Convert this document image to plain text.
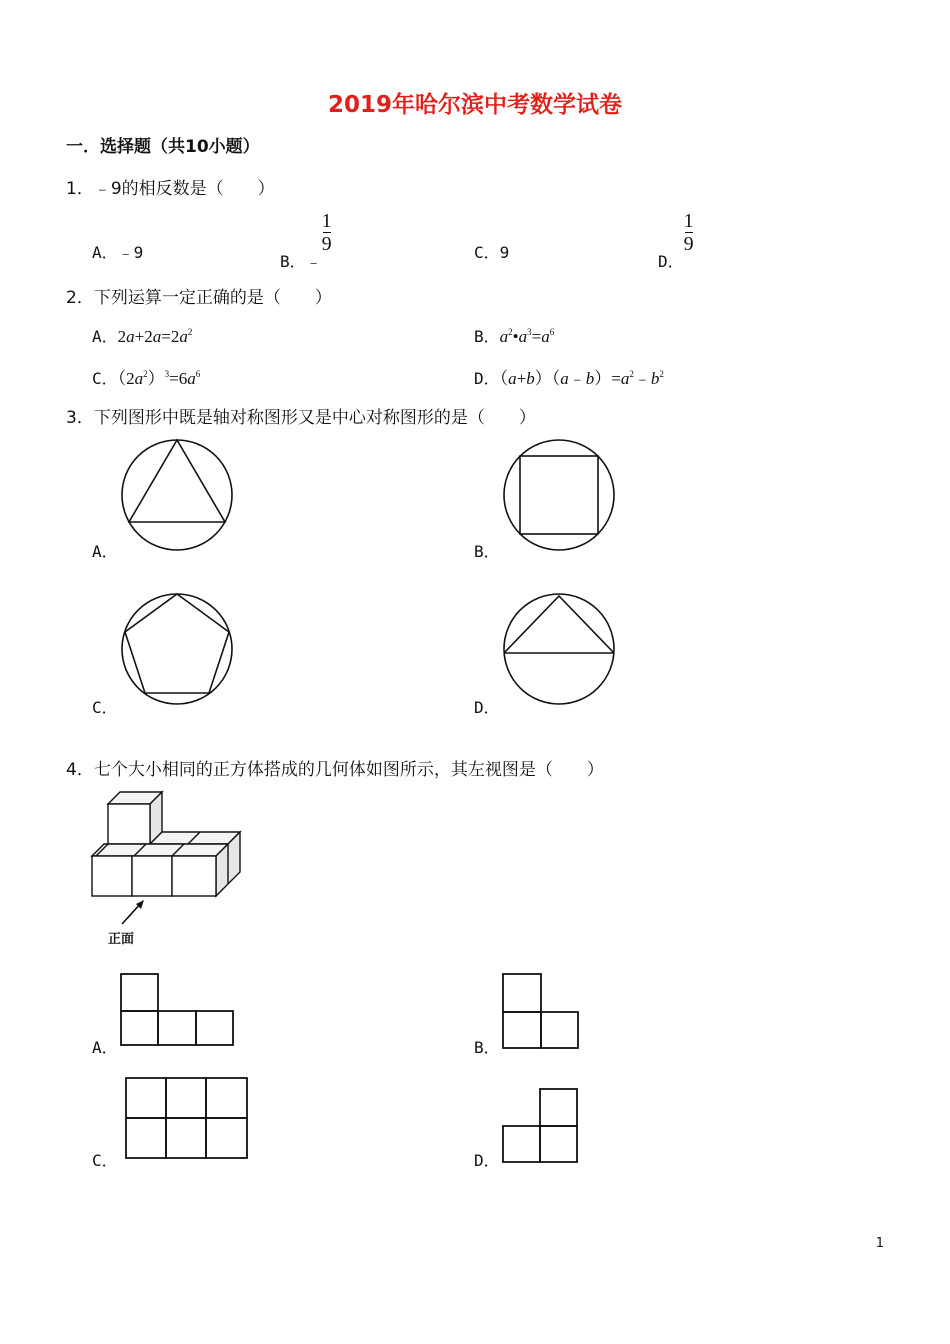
2019年哈尔滨中考数学试卷
一．选择题（共10小题）
1．﹣9的相反数是（　　）
A．﹣9	B．﹣
$\frac{1}{9}$	C．9	D．
$\frac{1}{9}$
2．下列运算一定正确的是（　　）
A．$2a+2a=2a^2$	B．$a^2•a^3=a^6$
C．$(2a^2)^3=6a^6$	D．$(a+b)(a﹣b)=a^2﹣b^2$
3．下列图形中既是轴对称图形又是中心对称图形的是（　　）
A．	B．
C．	D．
4．七个大小相同的正方体搭成的几何体如图所示，其左视图是（　　）
正面
A．	B．
C．	D．
1
